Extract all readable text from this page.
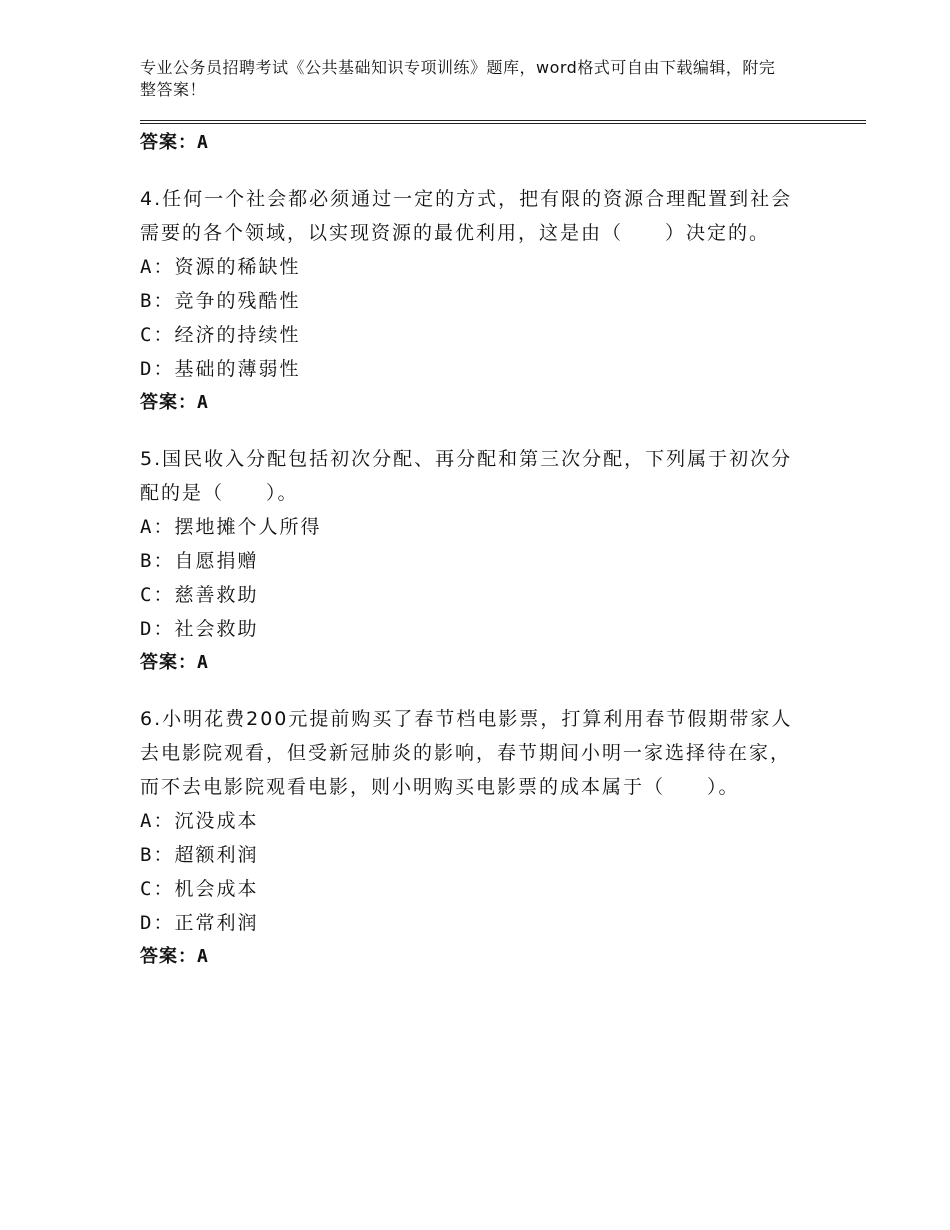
专业公务员招聘考试《公共基础知识专项训练》题库，word格式可自由下载编辑，附完整答案！
答案：A

4.任何一个社会都必须通过一定的方式，把有限的资源合理配置到社会需要的各个领域，以实现资源的最优利用，这是由（　　）决定的。

A：资源的稀缺性
B：竞争的残酷性
C：经济的持续性
D：基础的薄弱性
答案：A

5.国民收入分配包括初次分配、再分配和第三次分配，下列属于初次分配的是（　　）。

A：摆地摊个人所得
B：自愿捐赠
C：慈善救助
D：社会救助
答案：A

6.小明花费200元提前购买了春节档电影票，打算利用春节假期带家人去电影院观看，但受新冠肺炎的影响，春节期间小明一家选择待在家，而不去电影院观看电影，则小明购买电影票的成本属于（　　）。

A：沉没成本
B：超额利润
C：机会成本
D：正常利润
答案：A
